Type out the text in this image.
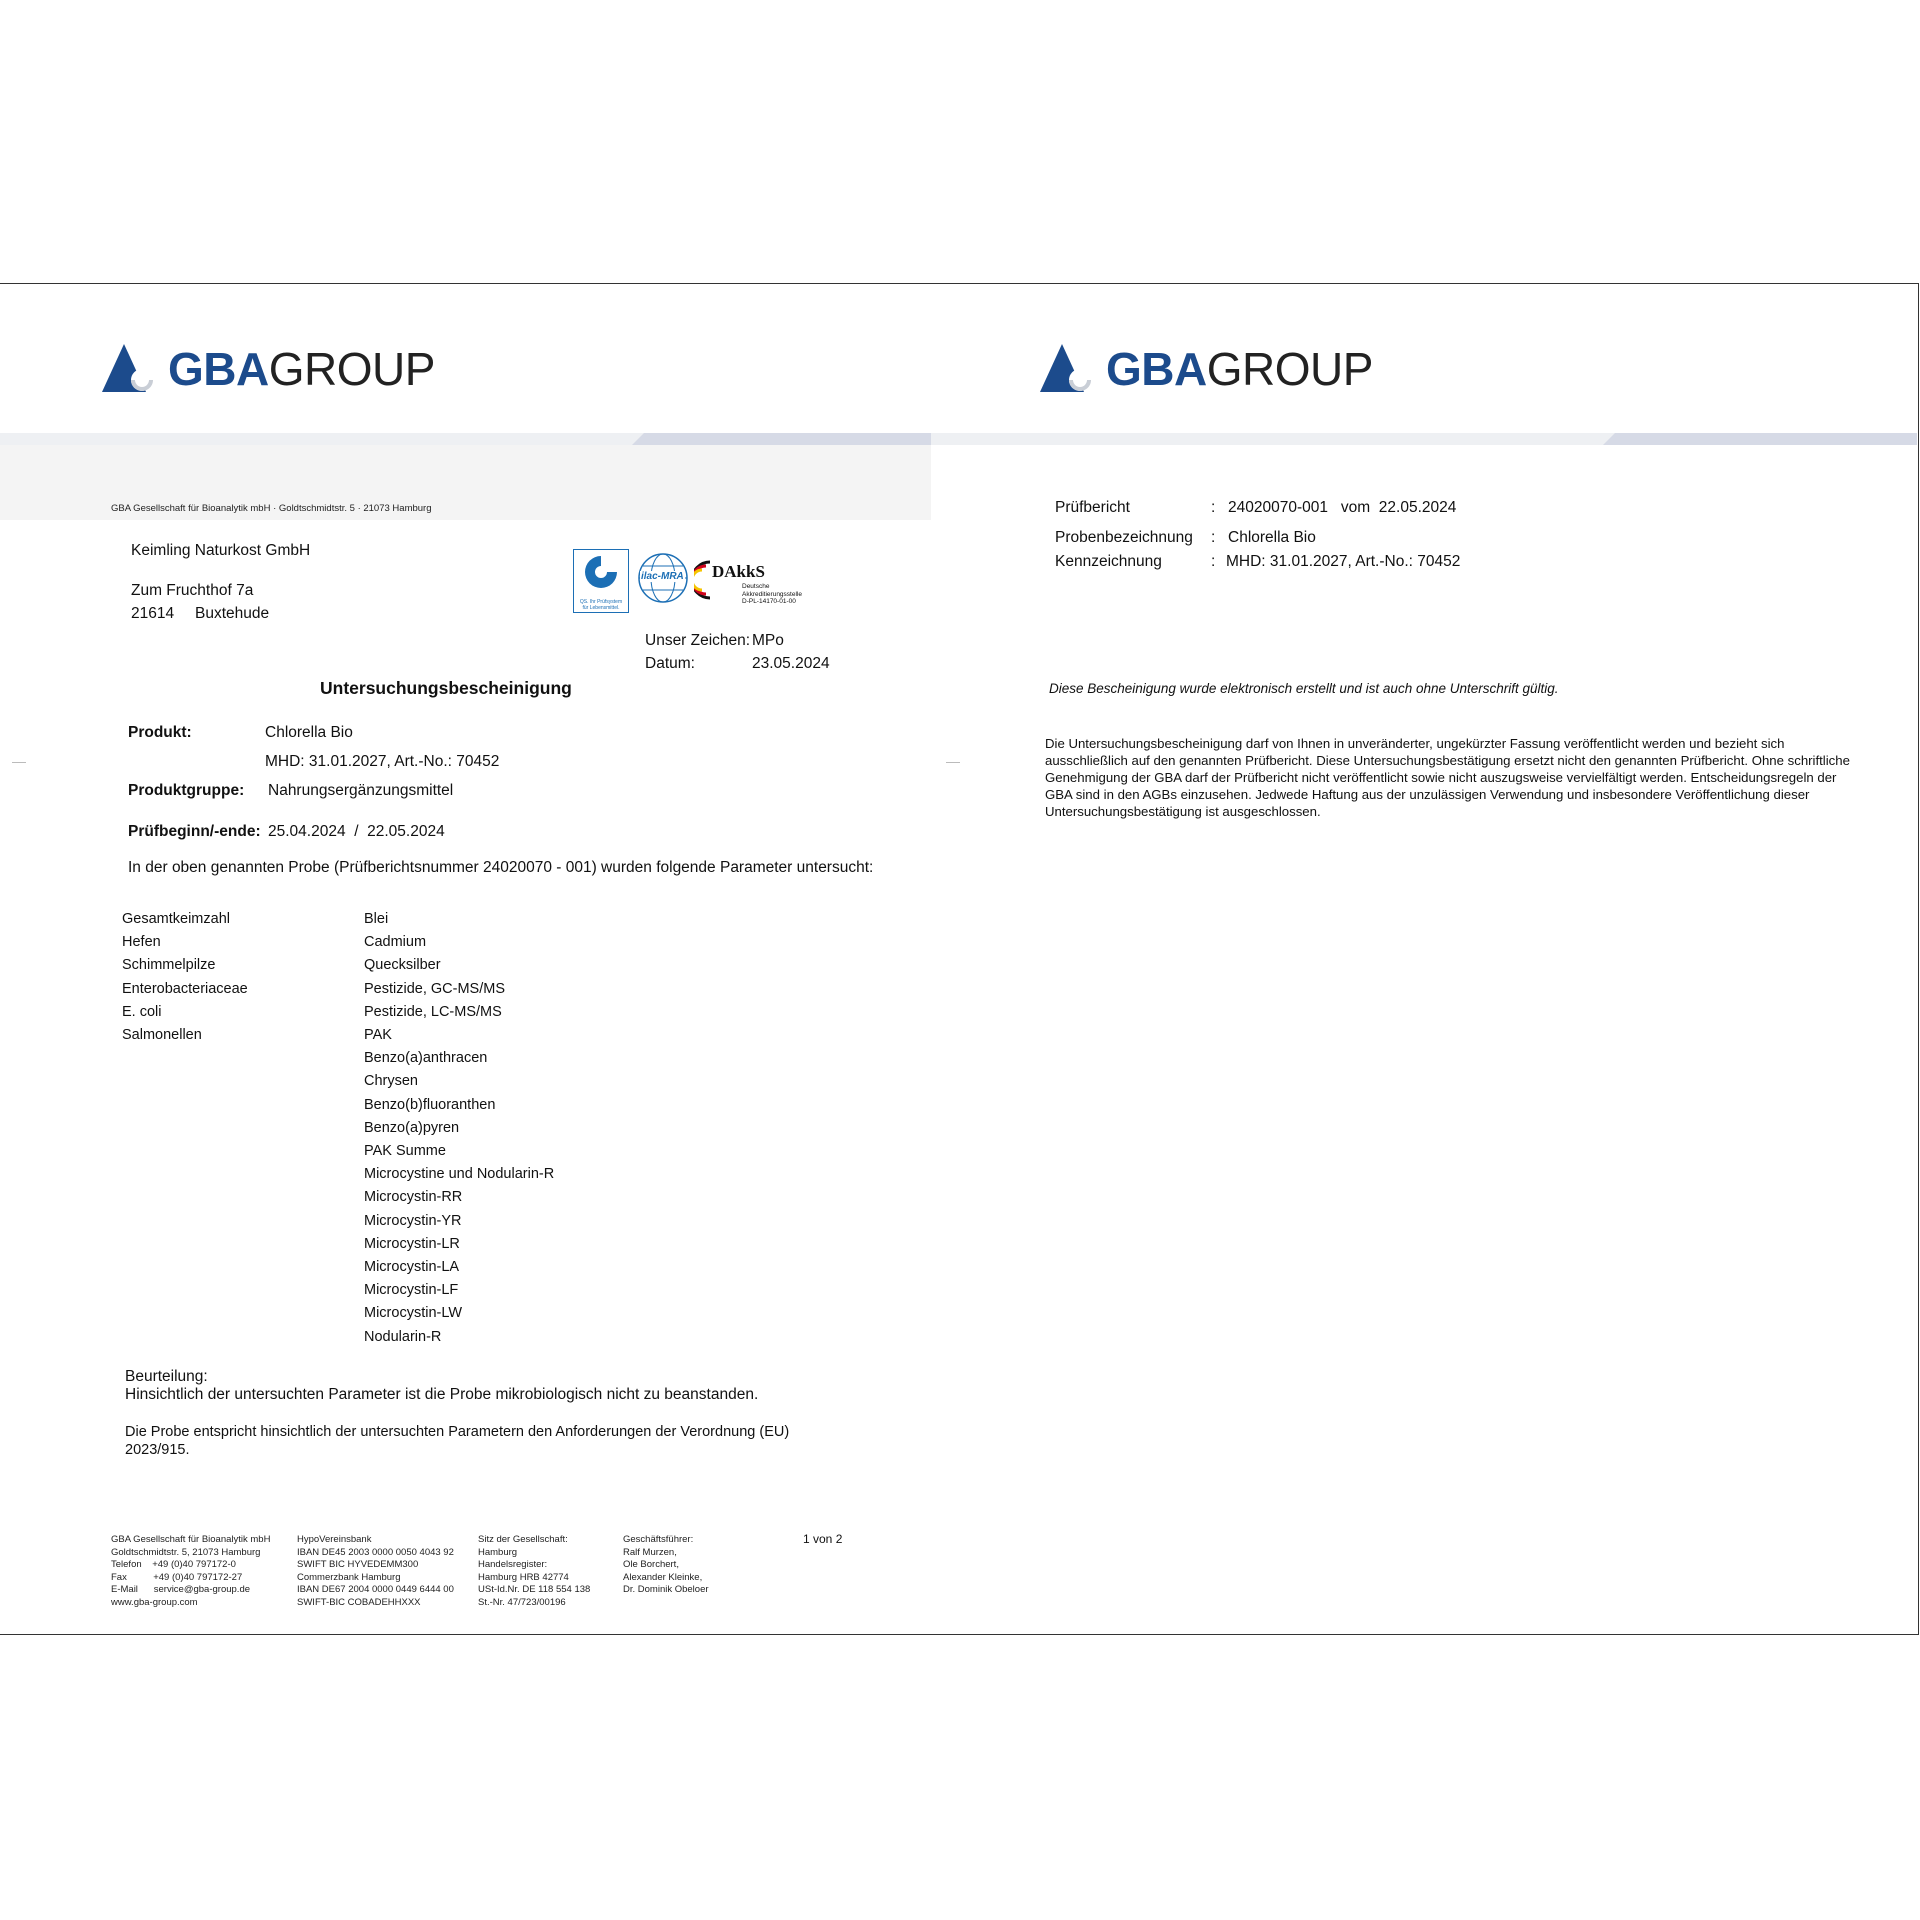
GBAGROUP
GBA Gesellschaft für Bioanalytik mbH · Goldtschmidtstr. 5 · 21073 Hamburg
Keimling Naturkost GmbH
Zum Fruchthof 7a
21614 Buxtehude
QS. Ihr Prüfsystem für Lebensmittel.
ilac-MRA DAkkS
Deutsche
Akkreditierungsstelle
D-PL-14170-01-00
Unser Zeichen: MPo
Datum:	23.05.2024
Untersuchungsbescheinigung
Produkt:	Chlorella Bio
MHD: 31.01.2027, Art.-No.: 70452
Produktgruppe: Nahrungsergänzungsmittel
Prüfbeginn/-ende: 25.04.2024  /  22.05.2024
In der oben genannten Probe (Prüfberichtsnummer 24020070 - 001) wurden folgende Parameter untersucht:
Gesamtkeimzahl
Hefen
Schimmelpilze
Enterobacteriaceae
E. coli
Salmonellen
Blei
Cadmium
Quecksilber
Pestizide, GC-MS/MS
Pestizide, LC-MS/MS
PAK
Benzo(a)anthracen
Chrysen
Benzo(b)fluoranthen
Benzo(a)pyren
PAK Summe
Microcystine und Nodularin-R
Microcystin-RR
Microcystin-YR
Microcystin-LR
Microcystin-LA
Microcystin-LF
Microcystin-LW
Nodularin-R
Beurteilung:
Hinsichtlich der untersuchten Parameter ist die Probe mikrobiologisch nicht zu beanstanden.
Die Probe entspricht hinsichtlich der untersuchten Parametern den Anforderungen der Verordnung (EU) 2023/915.
GBA Gesellschaft für Bioanalytik mbH
Goldtschmidtstr. 5, 21073 Hamburg
Telefon    +49 (0)40 797172-0
Fax          +49 (0)40 797172-27
E-Mail      service@gba-group.de
www.gba-group.com
HypoVereinsbank
IBAN DE45 2003 0000 0050 4043 92
SWIFT BIC HYVEDEMM300
Commerzbank Hamburg
IBAN DE67 2004 0000 0449 6444 00
SWIFT-BIC COBADEHHXXX
Sitz der Gesellschaft:
Hamburg
Handelsregister:
Hamburg HRB 42774
USt-Id.Nr. DE 118 554 138
St.-Nr. 47/723/00196
Geschäftsführer:
Ralf Murzen,
Ole Borchert,
Alexander Kleinke,
Dr. Dominik Obeloer
1 von 2
GBAGROUP
Prüfbericht	: 24020070-001   vom  22.05.2024
Probenbezeichnung : Chlorella Bio
Kennzeichnung	: MHD: 31.01.2027, Art.-No.: 70452
Diese Bescheinigung wurde elektronisch erstellt und ist auch ohne Unterschrift gültig.
Die Untersuchungsbescheinigung darf von Ihnen in unveränderter, ungekürzter Fassung veröffentlicht werden und bezieht sich ausschließlich auf den genannten Prüfbericht. Diese Untersuchungsbestätigung ersetzt nicht den genannten Prüfbericht. Ohne schriftliche Genehmigung der GBA darf der Prüfbericht nicht veröffentlicht sowie nicht auszugsweise vervielfältigt werden. Entscheidungsregeln der GBA sind in den AGBs einzusehen. Jedwede Haftung aus der unzulässigen Verwendung und insbesondere Veröffentlichung dieser Untersuchungsbestätigung ist ausgeschlossen.
